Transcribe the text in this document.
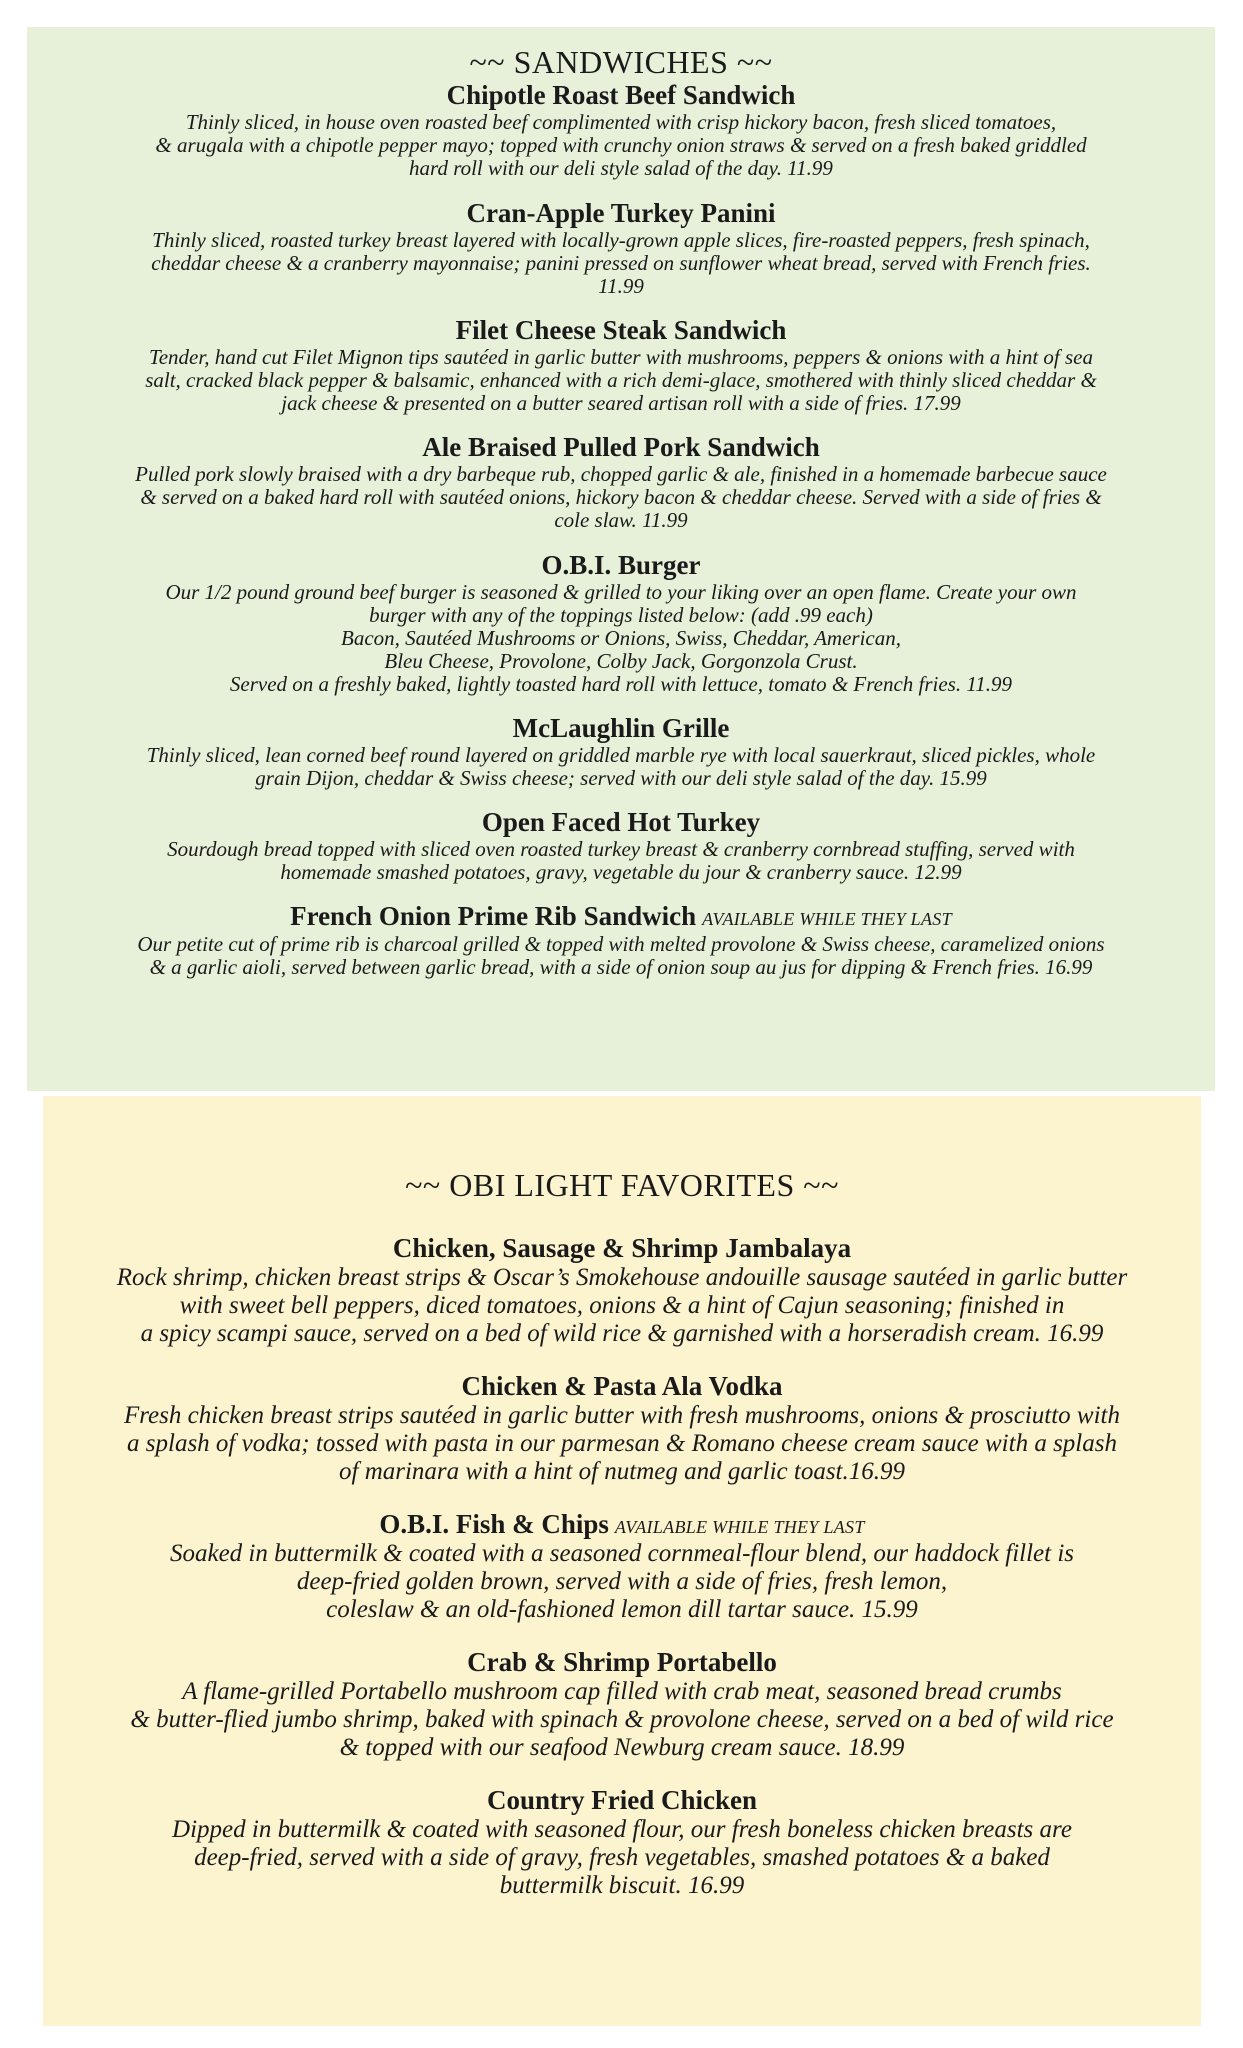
~~ SANDWICHES ~~
Chipotle Roast Beef Sandwich
Thinly sliced, in house oven roasted beef complimented with crisp hickory bacon, fresh sliced tomatoes,
& arugala with a chipotle pepper mayo; topped with crunchy onion straws & served on a fresh baked griddled
hard roll with our deli style salad of the day. 11.99
Cran-Apple Turkey Panini
Thinly sliced, roasted turkey breast layered with locally-grown apple slices, fire-roasted peppers, fresh spinach,
cheddar cheese & a cranberry mayonnaise; panini pressed on sunflower wheat bread, served with French fries.
11.99
Filet Cheese Steak Sandwich
Tender, hand cut Filet Mignon tips sautéed in garlic butter with mushrooms, peppers & onions with a hint of sea
salt, cracked black pepper & balsamic, enhanced with a rich demi-glace, smothered with thinly sliced cheddar &
jack cheese & presented on a butter seared artisan roll with a side of fries. 17.99
Ale Braised Pulled Pork Sandwich
Pulled pork slowly braised with a dry barbeque rub, chopped garlic & ale, finished in a homemade barbecue sauce
& served on a baked hard roll with sautéed onions, hickory bacon & cheddar cheese. Served with a side of fries &
cole slaw. 11.99
O.B.I. Burger
Our 1/2 pound ground beef burger is seasoned & grilled to your liking over an open flame. Create your own
burger with any of the toppings listed below: (add .99 each)
Bacon, Sautéed Mushrooms or Onions, Swiss, Cheddar, American,
Bleu Cheese, Provolone, Colby Jack, Gorgonzola Crust.
Served on a freshly baked, lightly toasted hard roll with lettuce, tomato & French fries. 11.99
McLaughlin Grille
Thinly sliced, lean corned beef round layered on griddled marble rye with local sauerkraut, sliced pickles, whole
grain Dijon, cheddar & Swiss cheese; served with our deli style salad of the day. 15.99
Open Faced Hot Turkey
Sourdough bread topped with sliced oven roasted turkey breast & cranberry cornbread stuffing, served with
homemade smashed potatoes, gravy, vegetable du jour & cranberry sauce. 12.99
French Onion Prime Rib Sandwich AVAILABLE WHILE THEY LAST
Our petite cut of prime rib is charcoal grilled & topped with melted provolone & Swiss cheese, caramelized onions
& a garlic aioli, served between garlic bread, with a side of onion soup au jus for dipping & French fries. 16.99
~~ OBI LIGHT FAVORITES ~~
Chicken, Sausage & Shrimp Jambalaya
Rock shrimp, chicken breast strips & Oscar’s Smokehouse andouille sausage sautéed in garlic butter
with sweet bell peppers, diced tomatoes, onions & a hint of Cajun seasoning; finished in
a spicy scampi sauce, served on a bed of wild rice & garnished with a horseradish cream. 16.99
Chicken & Pasta Ala Vodka
Fresh chicken breast strips sautéed in garlic butter with fresh mushrooms, onions & prosciutto with
a splash of vodka; tossed with pasta in our parmesan & Romano cheese cream sauce with a splash
of marinara with a hint of nutmeg and garlic toast.16.99
O.B.I. Fish & Chips AVAILABLE WHILE THEY LAST
Soaked in buttermilk & coated with a seasoned cornmeal-flour blend, our haddock fillet is
deep-fried golden brown, served with a side of fries, fresh lemon,
coleslaw & an old-fashioned lemon dill tartar sauce. 15.99
Crab & Shrimp Portabello
A flame-grilled Portabello mushroom cap filled with crab meat, seasoned bread crumbs
& butter-flied jumbo shrimp, baked with spinach & provolone cheese, served on a bed of wild rice
& topped with our seafood Newburg cream sauce. 18.99
Country Fried Chicken
Dipped in buttermilk & coated with seasoned flour, our fresh boneless chicken breasts are
deep-fried, served with a side of gravy, fresh vegetables, smashed potatoes & a baked
buttermilk biscuit. 16.99
